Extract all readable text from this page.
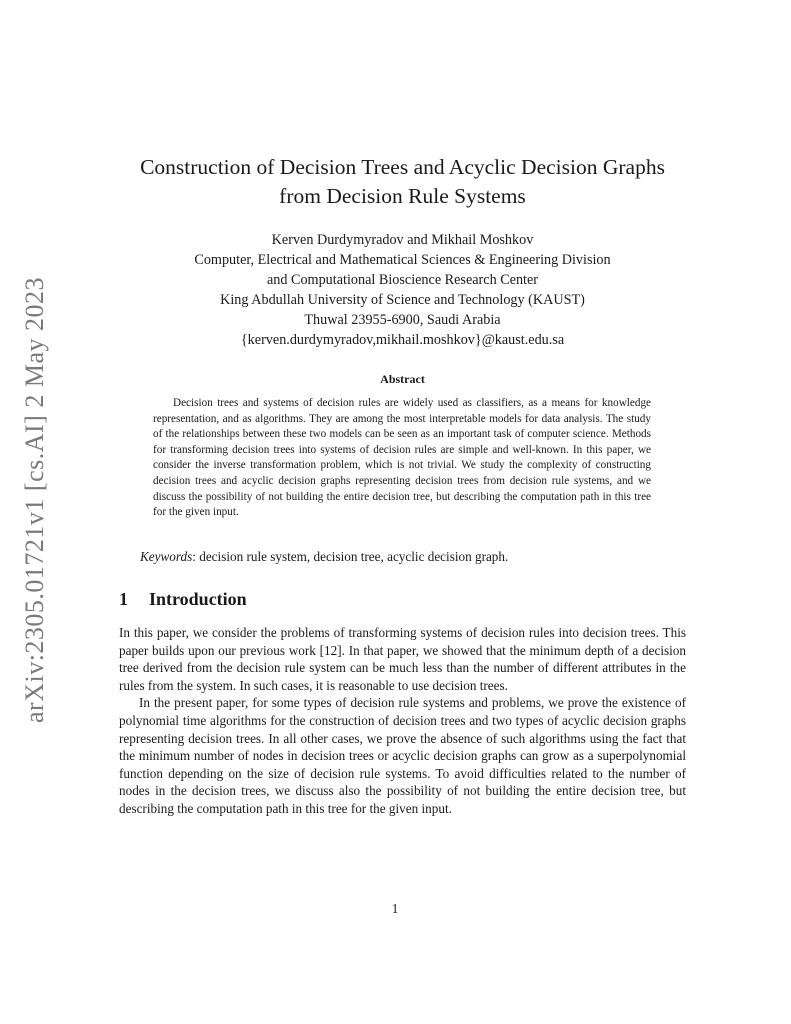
arXiv:2305.01721v1 [cs.AI] 2 May 2023
Construction of Decision Trees and Acyclic Decision Graphs
from Decision Rule Systems
Kerven Durdymyradov and Mikhail Moshkov
Computer, Electrical and Mathematical Sciences & Engineering Division
and Computational Bioscience Research Center
King Abdullah University of Science and Technology (KAUST)
Thuwal 23955-6900, Saudi Arabia
{kerven.durdymyradov,mikhail.moshkov}@kaust.edu.sa
Abstract

Decision trees and systems of decision rules are widely used as classifiers, as a means for knowledge representation, and as algorithms. They are among the most interpretable models for data analysis. The study of the relationships between these two models can be seen as an important task of computer science. Methods for transforming decision trees into systems of decision rules are simple and well-known. In this paper, we consider the inverse transformation problem, which is not trivial. We study the complexity of constructing decision trees and acyclic decision graphs representing decision trees from decision rule systems, and we discuss the possibility of not building the entire decision tree, but describing the computation path in this tree for the given input.

Keywords: decision rule system, decision tree, acyclic decision graph.

1 Introduction

In this paper, we consider the problems of transforming systems of decision rules into decision trees. This paper builds upon our previous work [12]. In that paper, we showed that the minimum depth of a decision tree derived from the decision rule system can be much less than the number of different attributes in the rules from the system. In such cases, it is reasonable to use decision trees.

In the present paper, for some types of decision rule systems and problems, we prove the existence of polynomial time algorithms for the construction of decision trees and two types of acyclic decision graphs representing decision trees. In all other cases, we prove the absence of such algorithms using the fact that the minimum number of nodes in decision trees or acyclic decision graphs can grow as a superpolynomial function depending on the size of decision rule systems. To avoid difficulties related to the number of nodes in the decision trees, we discuss also the possibility of not building the entire decision tree, but describing the computation path in this tree for the given input.

1
